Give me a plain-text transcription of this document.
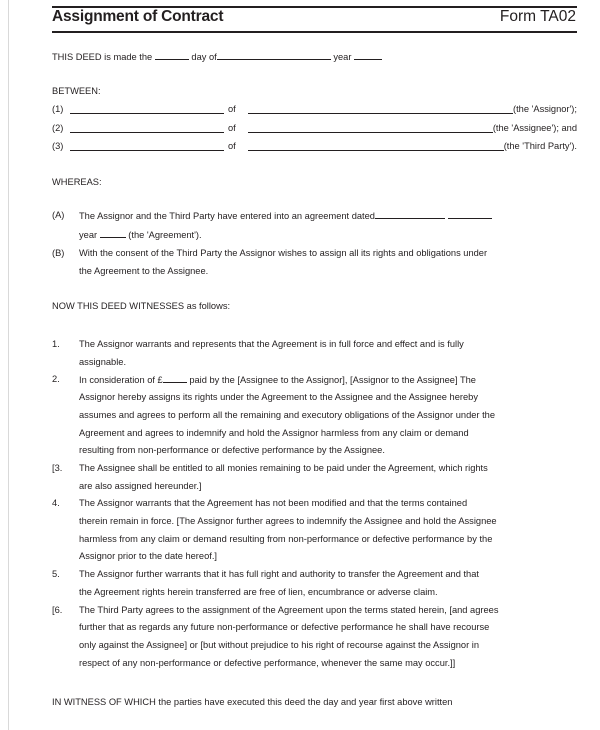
Assignment of Contract	Form TA02
THIS DEED is made the	day of	year
BETWEEN:
(1)	of	(the 'Assignor');
(2)	of	(the 'Assignee'); and
(3)	of	(the 'Third Party').
WHEREAS:
(A) The Assignor and the Third Party have entered into an agreement dated
year	(the 'Agreement').
(B) With the consent of the Third Party the Assignor wishes to assign all its rights and obligations under
the Agreement to the Assignee.
NOW THIS DEED WITNESSES as follows:
1. The Assignor warrants and represents that the Agreement is in full force and effect and is fully
assignable.
2. In consideration of £	paid by the [Assignee to the Assignor], [Assignor to the Assignee] The
Assignor hereby assigns its rights under the Agreement to the Assignee and the Assignee hereby
assumes and agrees to perform all the remaining and executory obligations of the Assignor under the
Agreement and agrees to indemnify and hold the Assignor harmless from any claim or demand
resulting from non-performance or defective performance by the Assignee.
[3. The Assignee shall be entitled to all monies remaining to be paid under the Agreement, which rights
are also assigned hereunder.]
4. The Assignor warrants that the Agreement has not been modified and that the terms contained
therein remain in force. [The Assignor further agrees to indemnify the Assignee and hold the Assignee
harmless from any claim or demand resulting from non-performance or defective performance by the
Assignor prior to the date hereof.]
5. The Assignor further warrants that it has full right and authority to transfer the Agreement and that
the Agreement rights herein transferred are free of lien, encumbrance or adverse claim.
[6. The Third Party agrees to the assignment of the Agreement upon the terms stated herein, [and agrees
further that as regards any future non-performance or defective performance he shall have recourse
only against the Assignee] or [but without prejudice to his right of recourse against the Assignor in
respect of any non-performance or defective performance, whenever the same may occur.]]
IN WITNESS OF WHICH the parties have executed this deed the day and year first above written
